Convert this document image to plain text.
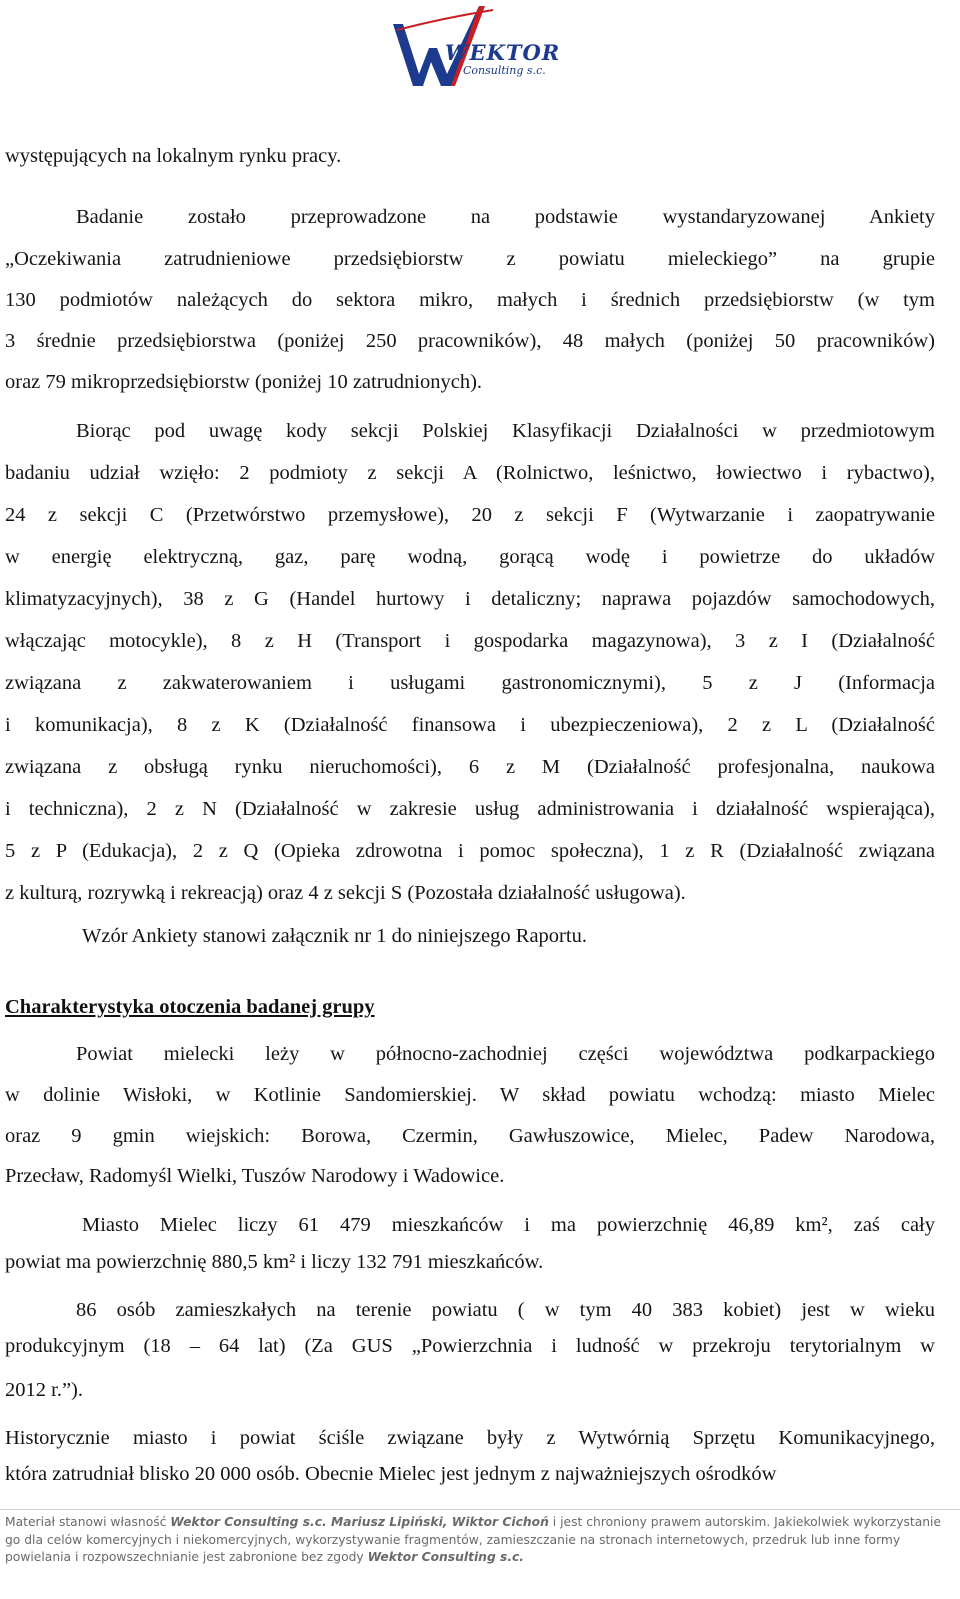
WEKTOR
Consulting s.c.
występujących na lokalnym rynku pracy.
Badanie zostało przeprowadzone na podstawie wystandaryzowanej Ankiety
„Oczekiwania zatrudnieniowe przedsiębiorstw z powiatu mieleckiego” na grupie
130 podmiotów należących do sektora mikro, małych i średnich przedsiębiorstw (w tym
3 średnie przedsiębiorstwa (poniżej 250 pracowników), 48 małych (poniżej 50 pracowników)
oraz 79 mikroprzedsiębiorstw (poniżej 10 zatrudnionych).
Biorąc pod uwagę kody sekcji Polskiej Klasyfikacji Działalności w przedmiotowym
badaniu udział wzięło: 2 podmioty z sekcji A (Rolnictwo, leśnictwo, łowiectwo i rybactwo),
24 z sekcji C (Przetwórstwo przemysłowe), 20 z sekcji F (Wytwarzanie i zaopatrywanie
w energię elektryczną, gaz, parę wodną, gorącą wodę i powietrze do układów
klimatyzacyjnych), 38 z G (Handel hurtowy i detaliczny; naprawa pojazdów samochodowych,
włączając motocykle), 8 z H (Transport i gospodarka magazynowa), 3 z I (Działalność
związana z zakwaterowaniem i usługami gastronomicznymi), 5 z J (Informacja
i komunikacja), 8 z K (Działalność finansowa i ubezpieczeniowa), 2 z L (Działalność
związana z obsługą rynku nieruchomości), 6 z M (Działalność profesjonalna, naukowa
i techniczna), 2 z N (Działalność w zakresie usług administrowania i działalność wspierająca),
5 z P (Edukacja), 2 z Q (Opieka zdrowotna i pomoc społeczna), 1 z R (Działalność związana
z kulturą, rozrywką i rekreacją) oraz 4 z sekcji S (Pozostała działalność usługowa).
Wzór Ankiety stanowi załącznik nr 1 do niniejszego Raportu.
Charakterystyka otoczenia badanej grupy
Powiat mielecki leży w północno-zachodniej części województwa podkarpackiego
w dolinie Wisłoki, w Kotlinie Sandomierskiej. W skład powiatu wchodzą: miasto Mielec
oraz 9 gmin wiejskich: Borowa, Czermin, Gawłuszowice, Mielec, Padew Narodowa,
Przecław, Radomyśl Wielki, Tuszów Narodowy i Wadowice.
Miasto Mielec liczy 61 479 mieszkańców i ma powierzchnię 46,89 km², zaś cały
powiat ma powierzchnię 880,5 km² i liczy 132 791 mieszkańców.
86 osób zamieszkałych na terenie powiatu ( w tym 40 383 kobiet) jest w wieku
produkcyjnym (18 – 64 lat) (Za GUS „Powierzchnia i ludność w przekroju terytorialnym w
2012 r.”).
Historycznie miasto i powiat ściśle związane były z Wytwórnią Sprzętu Komunikacyjnego,
która zatrudniał blisko 20 000 osób. Obecnie Mielec jest jednym z najważniejszych ośrodków
Materiał stanowi własność Wektor Consulting s.c. Mariusz Lipiński, Wiktor Cichoń i jest chroniony prawem autorskim. Jakiekolwiek wykorzystanie go dla celów komercyjnych i niekomercyjnych, wykorzystywanie fragmentów, zamieszczanie na stronach internetowych, przedruk lub inne formy powielania i rozpowszechnianie jest zabronione bez zgody Wektor Consulting s.c.
